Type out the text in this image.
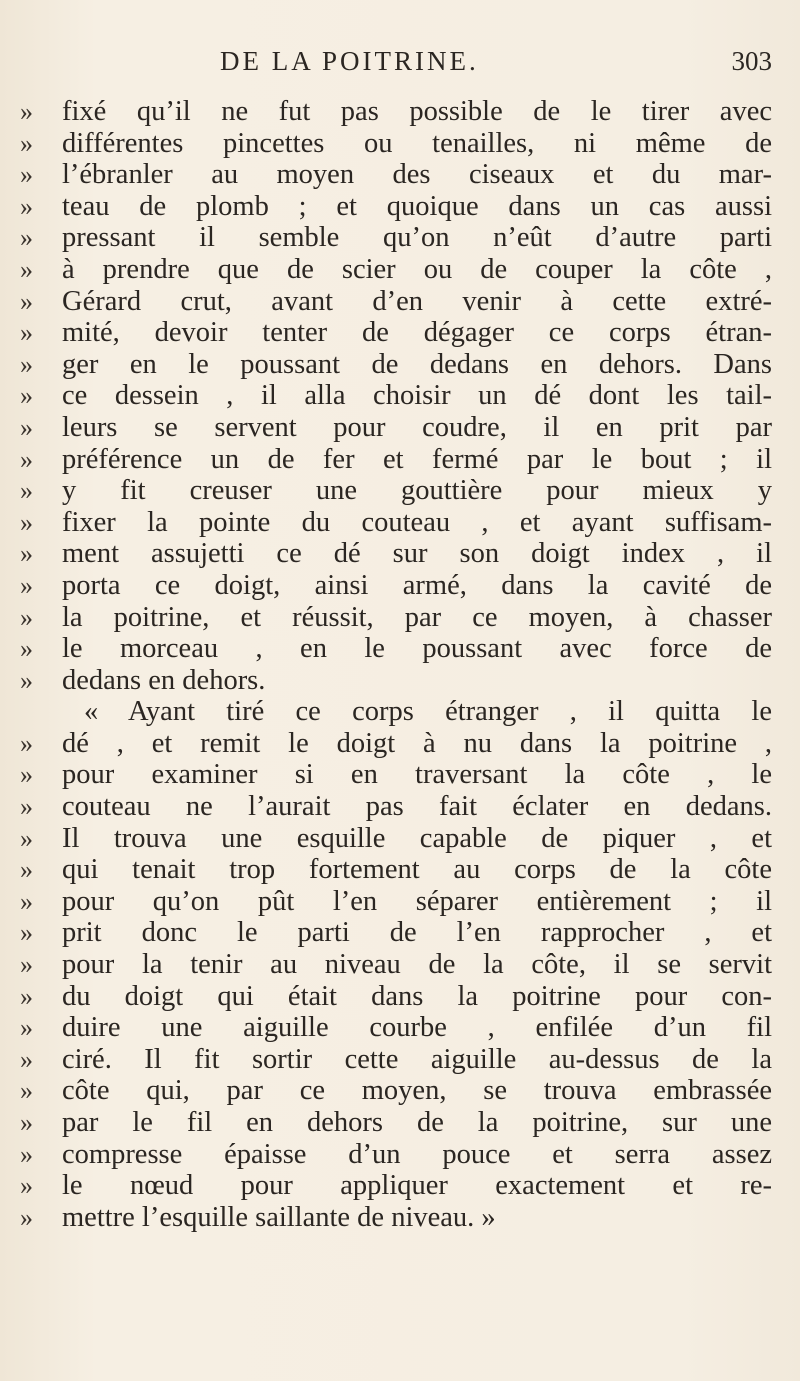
DE LA POITRINE.	303
»	fixé qu’il ne fut pas possible de le tirer avec
»	différentes pincettes ou tenailles, ni même de
»	l’ébranler au moyen des ciseaux et du mar-
»	teau de plomb ; et quoique dans un cas aussi
»	pressant il semble qu’on n’eût d’autre parti
»	à prendre que de scier ou de couper la côte ,
»	Gérard crut, avant d’en venir à cette extré-
»	mité, devoir tenter de dégager ce corps étran-
»	ger en le poussant de dedans en dehors. Dans
»	ce dessein , il alla choisir un dé dont les tail-
»	leurs se servent pour coudre, il en prit par
»	préférence un de fer et fermé par le bout ; il
»	y fit creuser une gouttière pour mieux y
»	fixer la pointe du couteau , et ayant suffisam-
»	ment assujetti ce dé sur son doigt index , il
»	porta ce doigt, ainsi armé, dans la cavité de
»	la poitrine, et réussit, par ce moyen, à chasser
»	le morceau , en le poussant avec force de
»	dedans en dehors.
« Ayant tiré ce corps étranger , il quitta le
»	dé , et remit le doigt à nu dans la poitrine ,
»	pour examiner si en traversant la côte , le
»	couteau ne l’aurait pas fait éclater en dedans.
»	Il trouva une esquille capable de piquer , et
»	qui tenait trop fortement au corps de la côte
»	pour qu’on pût l’en séparer entièrement ; il
»	prit donc le parti de l’en rapprocher , et
»	pour la tenir au niveau de la côte, il se servit
»	du doigt qui était dans la poitrine pour con-
»	duire une aiguille courbe , enfilée d’un fil
»	ciré. Il fit sortir cette aiguille au-dessus de la
»	côte qui, par ce moyen, se trouva embrassée
»	par le fil en dehors de la poitrine, sur une
»	compresse épaisse d’un pouce et serra assez
»	le nœud pour appliquer exactement et re-
»	mettre l’esquille saillante de niveau. »
